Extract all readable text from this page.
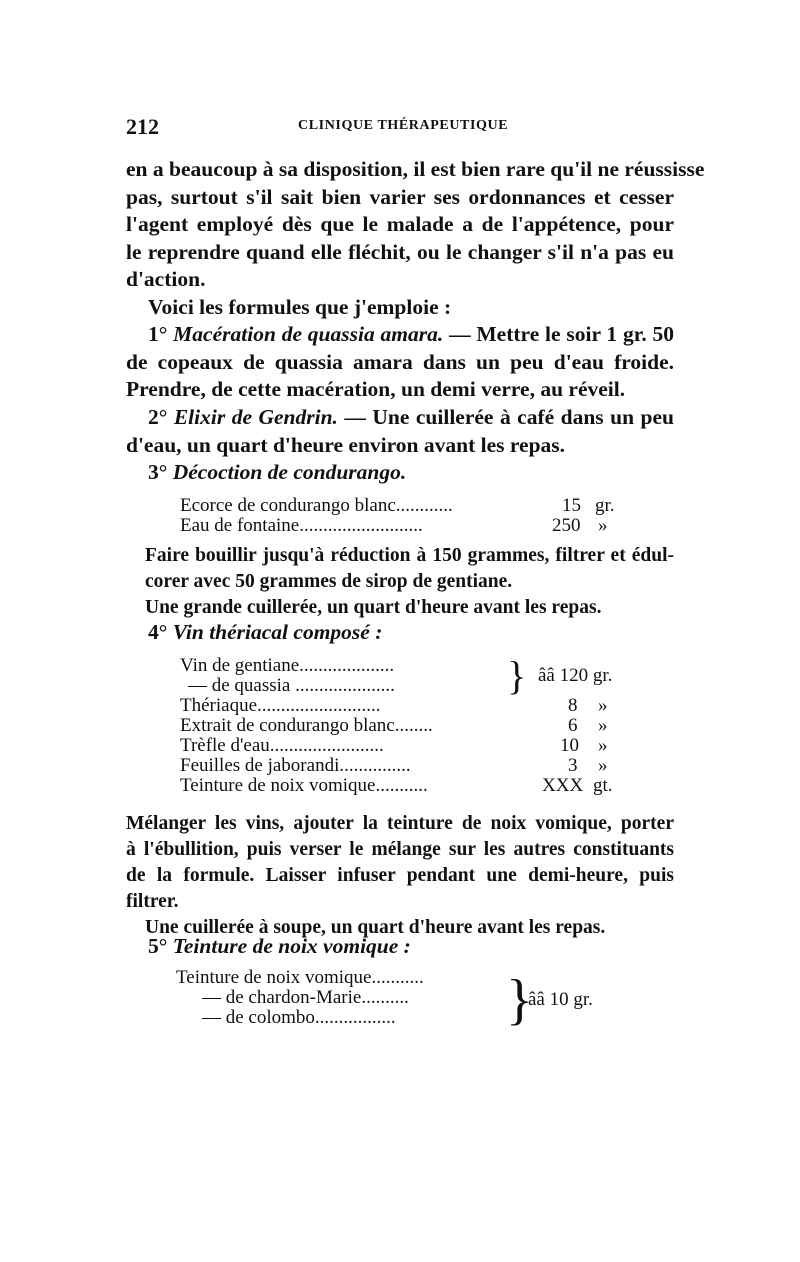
212	CLINIQUE THÉRAPEUTIQUE
en a beaucoup à sa disposition, il est bien rare qu'il ne réussisse
pas, surtout s'il sait bien varier ses ordonnances et cesser
l'agent employé dès que le malade a de l'appétence, pour
le reprendre quand elle fléchit, ou le changer s'il n'a pas eu
d'action.
Voici les formules que j'emploie :
1° Macération de quassia amara. — Mettre le soir 1 gr. 50
de copeaux de quassia amara dans un peu d'eau froide.
Prendre, de cette macération, un demi verre, au réveil.
2° Elixir de Gendrin. — Une cuillerée à café dans un peu
d'eau, un quart d'heure environ avant les repas.
3° Décoction de condurango.
Ecorce de condurango blanc............	15 gr.
Eau de fontaine..........................	250 »
Faire bouillir jusqu'à réduction à 150 grammes, filtrer et édul-
corer avec 50 grammes de sirop de gentiane.
Une grande cuillerée, un quart d'heure avant les repas.
4° Vin thériacal composé :
Vin de gentiane....................
— de quassia .....................	} ââ 120 gr.
Thériaque..........................	8 »
Extrait de condurango blanc........	6 »
Trèfle d'eau........................	10 »
Feuilles de jaborandi...............	3 »
Teinture de noix vomique...........	XXX gt.
Mélanger les vins, ajouter la teinture de noix vomique, porter
à l'ébullition, puis verser le mélange sur les autres constituants
de la formule. Laisser infuser pendant une demi-heure, puis
filtrer.
Une cuillerée à soupe, un quart d'heure avant les repas.
5° Teinture de noix vomique :
Teinture de noix vomique...........
— de chardon-Marie..........
— de colombo................. }
ââ 10 gr.
